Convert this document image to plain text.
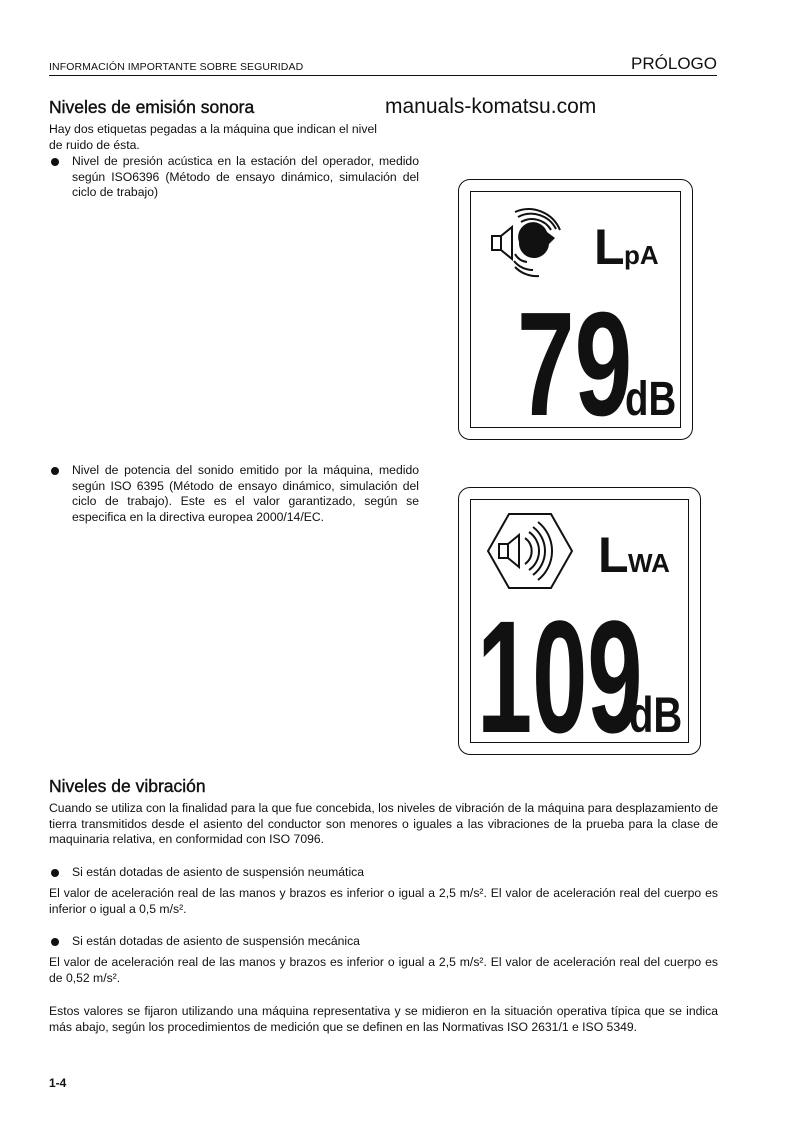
INFORMACIÓN IMPORTANTE SOBRE SEGURIDAD	PRÓLOGO
manuals-komatsu.com
Niveles de emisión sonora
Hay dos etiquetas pegadas a la máquina que indican el nivel
de ruido de ésta.
Nivel de presión acústica en la estación del operador, medido según ISO6396 (Método de ensayo dinámico, simulación del ciclo de trabajo)
Nivel de potencia del sonido emitido por la máquina, medido según ISO 6395 (Método de ensayo dinámico, simulación del ciclo de trabajo). Este es el valor garantizado, según se especifica en la directiva europea 2000/14/EC.
L pA
79
dB
L WA
109
dB
Niveles de vibración
Cuando se utiliza con la finalidad para la que fue concebida, los niveles de vibración de la máquina para desplazamiento de tierra transmitidos desde el asiento del conductor son menores o iguales a las vibraciones de la prueba para la clase de maquinaria relativa, en conformidad con ISO 7096.
Si están dotadas de asiento de suspensión neumática
El valor de aceleración real de las manos y brazos es inferior o igual a 2,5 m/s². El valor de aceleración real del cuerpo es inferior o igual a 0,5 m/s².
Si están dotadas de asiento de suspensión mecánica
El valor de aceleración real de las manos y brazos es inferior o igual a 2,5 m/s². El valor de aceleración real del cuerpo es de 0,52 m/s².
Estos valores se fijaron utilizando una máquina representativa y se midieron en la situación operativa típica que se indica más abajo, según los procedimientos de medición que se definen en las Normativas ISO 2631/1 e ISO 5349.
1-4
